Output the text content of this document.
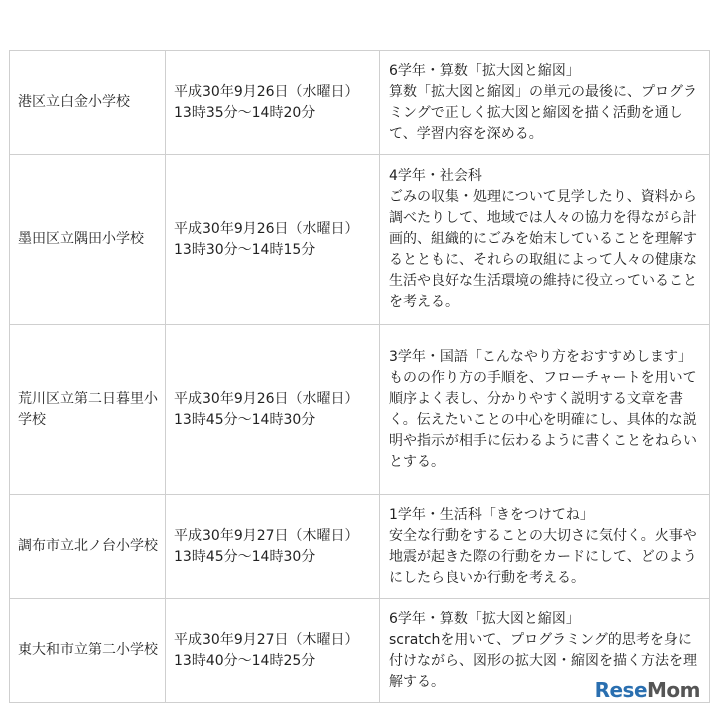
港区立白金小学校	平成30年9月26日（水曜日）13時35分～14時20分	6学年・算数「拡大図と縮図」
算数「拡大図と縮図」の単元の最後に、プログラミングで正しく拡大図と縮図を描く活動を通して、学習内容を深める。

墨田区立隅田小学校	平成30年9月26日（水曜日）13時30分～14時15分	4学年・社会科
ごみの収集・処理について見学したり、資料から調べたりして、地域では人々の協力を得ながら計画的、組織的にごみを始末していることを理解するとともに、それらの取組によって人々の健康な生活や良好な生活環境の維持に役立っていることを考える。

荒川区立第二日暮里小学校	平成30年9月26日（水曜日）13時45分～14時30分	3学年・国語「こんなやり方をおすすめします」
ものの作り方の手順を、フローチャートを用いて順序よく表し、分かりやすく説明する文章を書く。伝えたいことの中心を明確にし、具体的な説明や指示が相手に伝わるように書くことをねらいとする。

調布市立北ノ台小学校	平成30年9月27日（木曜日）13時45分～14時30分	1学年・生活科「きをつけてね」
安全な行動をすることの大切さに気付く。火事や地震が起きた際の行動をカードにして、どのようにしたら良いか行動を考える。

東大和市立第二小学校	平成30年9月27日（木曜日）13時40分～14時25分	6学年・算数「拡大図と縮図」
scratchを用いて、プログラミング的思考を身に付けながら、図形の拡大図・縮図を描く方法を理解する。	ReseMom
